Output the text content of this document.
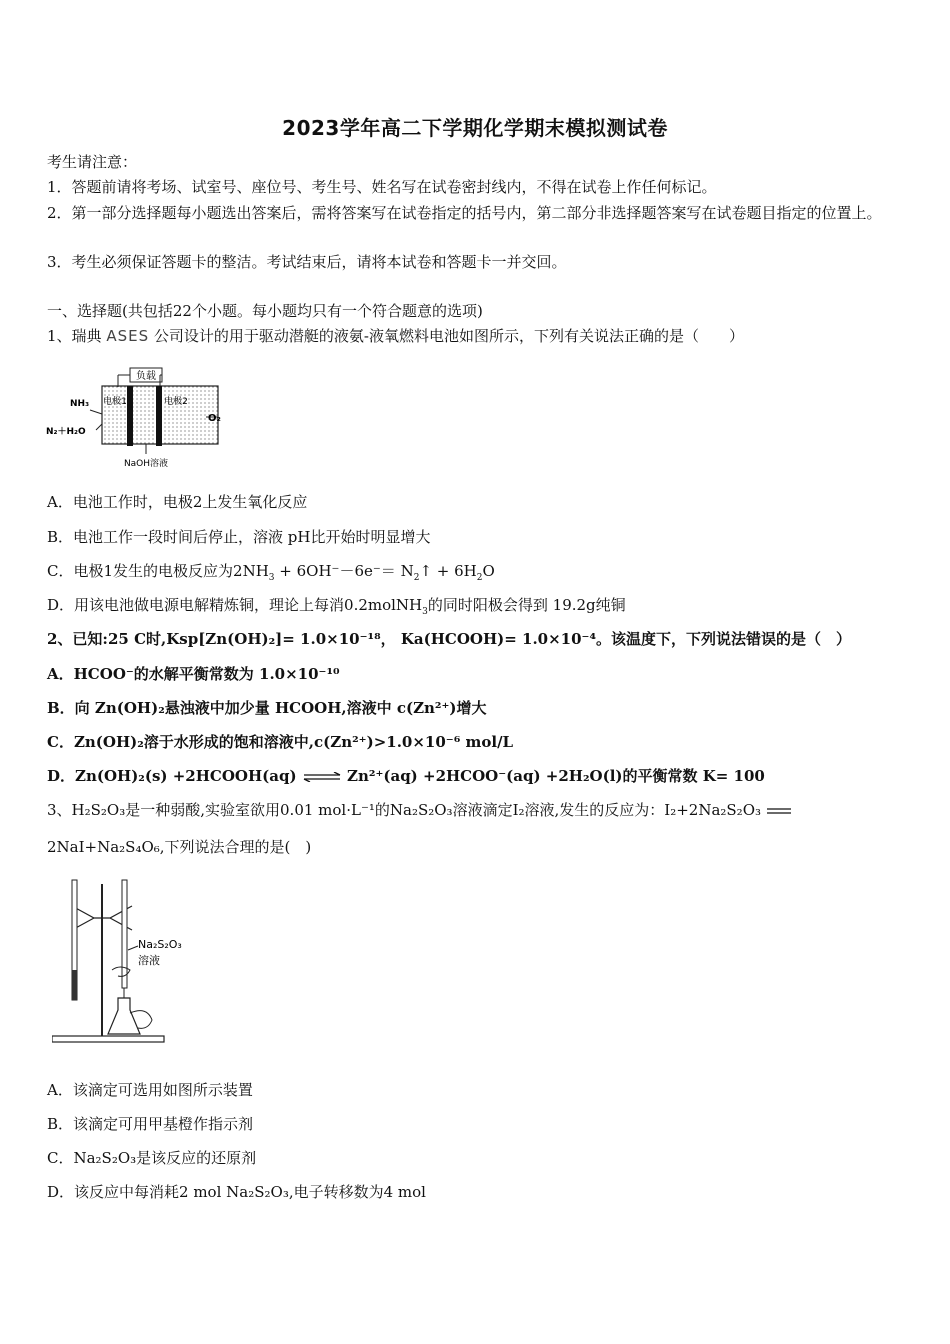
2023学年高二下学期化学期末模拟测试卷
考生请注意：
1．答题前请将考场、试室号、座位号、考生号、姓名写在试卷密封线内，不得在试卷上作任何标记。
2．第一部分选择题每小题选出答案后，需将答案写在试卷指定的括号内，第二部分非选择题答案写在试卷题目指定的位置上。
3．考生必须保证答题卡的整洁。考试结束后，请将本试卷和答题卡一并交回。
一、选择题(共包括22个小题。每小题均只有一个符合题意的选项)
1、瑞典 ASES 公司设计的用于驱动潜艇的液氨-液氧燃料电池如图所示，下列有关说法正确的是（　　）
负载
电极1	电极2
NH₃
N₂＋H₂O
O₂
NaOH溶液
A．电池工作时，电极2上发生氧化反应
B．电池工作一段时间后停止，溶液 pH比开始时明显增大
C．电极1发生的电极反应为$2NH_3 + 6OH^--6e^-=$ $N_2↑ + 6H_2O$
D．用该电池做电源电解精炼铜，理论上每消0.2molNH$_3$的同时阳极会得到 19.2g纯铜
2、已知:25 C时,Ksp[Zn(OH)₂]= 1.0×10⁻¹⁸， Ka(HCOOH)= 1.0×10⁻⁴。该温度下，下列说法错误的是（　）
A．HCOO⁻的水解平衡常数为 1.0×10⁻¹⁰
B．向 Zn(OH)₂悬浊液中加少量 HCOOH,溶液中 c(Zn²⁺)增大
C．Zn(OH)₂溶于水形成的饱和溶液中,c(Zn²⁺)>1.0×10⁻⁶ mol/L
D．Zn(OH)₂(s) +2HCOOH(aq) ⇌ Zn²⁺(aq) +2HCOO⁻(aq) +2H₂O(l)的平衡常数 K= 100
3、H₂S₂O₃是一种弱酸,实验室欲用0.01 mol·L⁻¹的Na₂S₂O₃溶液滴定I₂溶液,发生的反应为：I₂+2Na₂S₂O₃
2NaI+Na₂S₄O₆,下列说法合理的是(　)
Na₂S₂O₃
溶液
A．该滴定可选用如图所示装置
B．该滴定可用甲基橙作指示剂
C．Na₂S₂O₃是该反应的还原剂
D．该反应中每消耗2 mol Na₂S₂O₃,电子转移数为4 mol
